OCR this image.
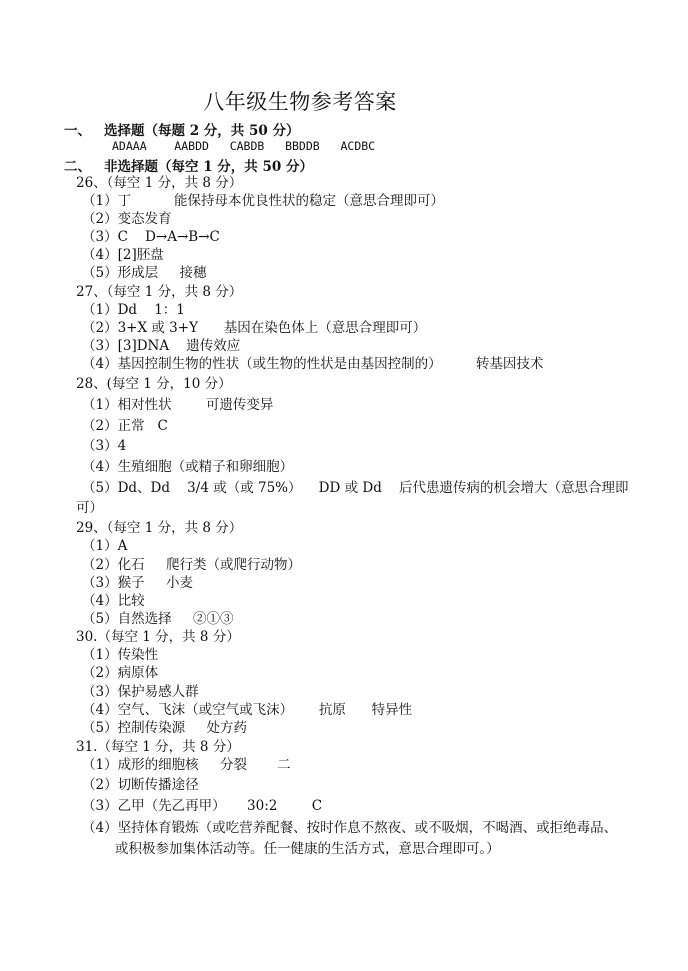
八年级生物参考答案
一、 选择题（每题 2 分，共 50 分）
ADAAA    AABDD   CABDB   BBDDB   ACDBC
二、 非选择题（每空 1 分，共 50 分）
26、（每空 1 分，共 8 分）
（1）丁          能保持母本优良性状的稳定（意思合理即可）
（2）变态发育
（3）C    D→A→B→C
（4）[2]胚盘
（5）形成层     接穗
27、（每空 1 分，共 8 分）
（1）Dd    1：1
（2）3+X 或 3+Y      基因在染色体上（意思合理即可）
（3）[3]DNA    遗传效应
（4）基因控制生物的性状（或生物的性状是由基因控制的）        转基因技术
28、(每空 1 分，10 分）
（1）相对性状        可遗传变异
（2）正常   C
（3）4
（4）生殖细胞（或精子和卵细胞）
（5）Dd、Dd    3/4 或（或 75%）    DD 或 Dd    后代患遗传病的机会增大（意思合理即
可）
29、（每空 1 分，共 8 分）
（1）A
（2）化石     爬行类（或爬行动物）
（3）猴子     小麦
（4）比较
（5）自然选择     ②①③
30.（每空 1 分，共 8 分）
（1）传染性
（2）病原体
（3）保护易感人群
（4）空气、飞沫（或空气或飞沫）      抗原      特异性
（5）控制传染源     处方药
31.（每空 1 分，共 8 分）
（1）成形的细胞核     分裂       二
（2）切断传播途径
（3）乙甲（先乙再甲）     30:2        C
（4）坚持体育锻炼（或吃营养配餐、按时作息不熬夜、或不吸烟，不喝酒、或拒绝毒品、
或积极参加集体活动等。任一健康的生活方式，意思合理即可。）
